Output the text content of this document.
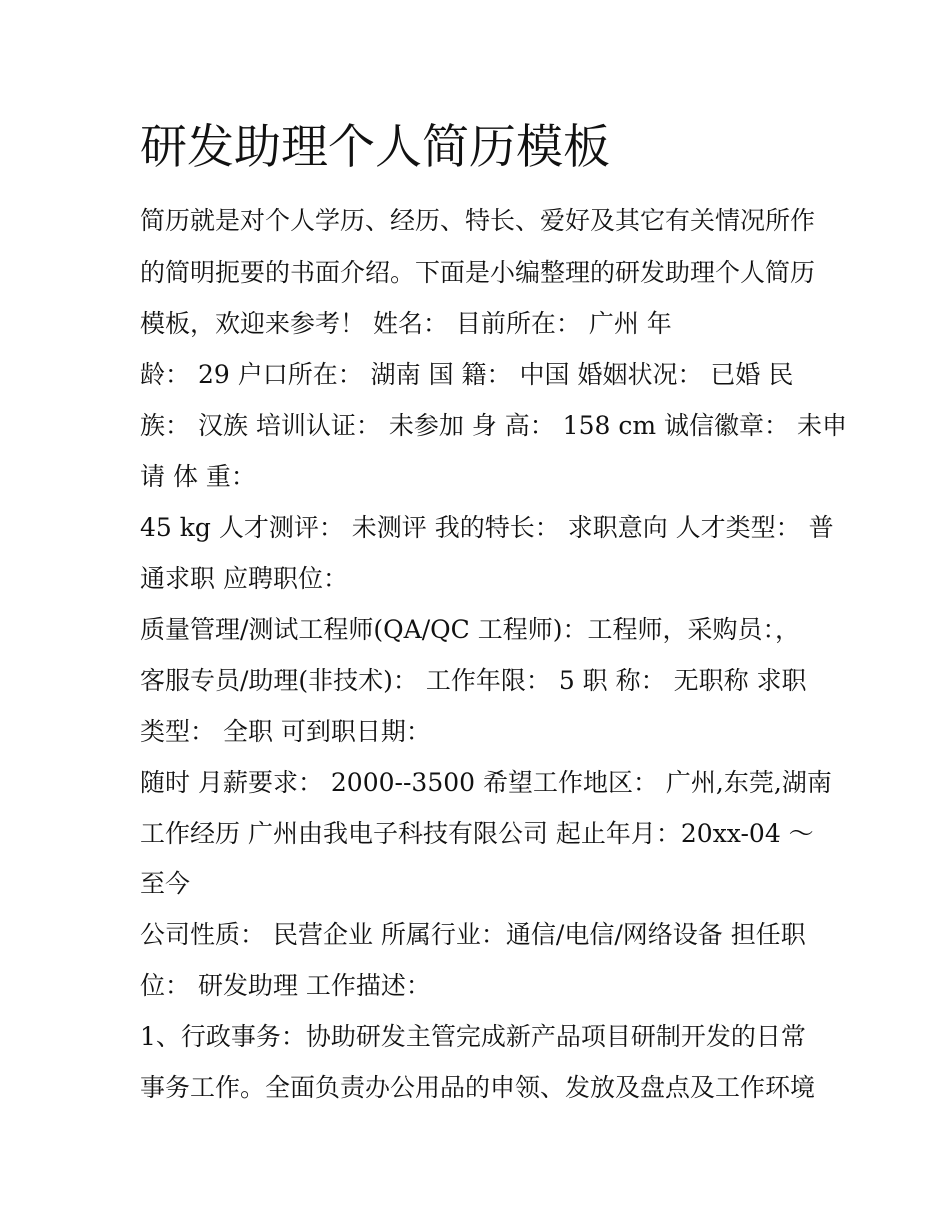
研发助理个人简历模板
简历就是对个人学历、经历、特长、爱好及其它有关情况所作
的简明扼要的书面介绍。下面是小编整理的研发助理个人简历
模板，欢迎来参考！ 姓名： 目前所在： 广州 年
龄： 29 户口所在： 湖南 国 籍： 中国 婚姻状况： 已婚 民
族： 汉族 培训认证： 未参加 身 高： 158 cm 诚信徽章： 未申
请 体 重：
45 kg 人才测评： 未测评 我的特长： 求职意向 人才类型： 普
通求职 应聘职位：
质量管理/测试工程师(QA/QC 工程师)：工程师，采购员：，
客服专员/助理(非技术)： 工作年限： 5 职 称： 无职称 求职
类型： 全职 可到职日期：
随时 月薪要求： 2000--3500 希望工作地区： 广州,东莞,湖南
工作经历 广州由我电子科技有限公司 起止年月：20xx-04 ～
至今
公司性质： 民营企业 所属行业：通信/电信/网络设备 担任职
位： 研发助理 工作描述：
1、行政事务：协助研发主管完成新产品项目研制开发的日常
事务工作。全面负责办公用品的申领、发放及盘点及工作环境
